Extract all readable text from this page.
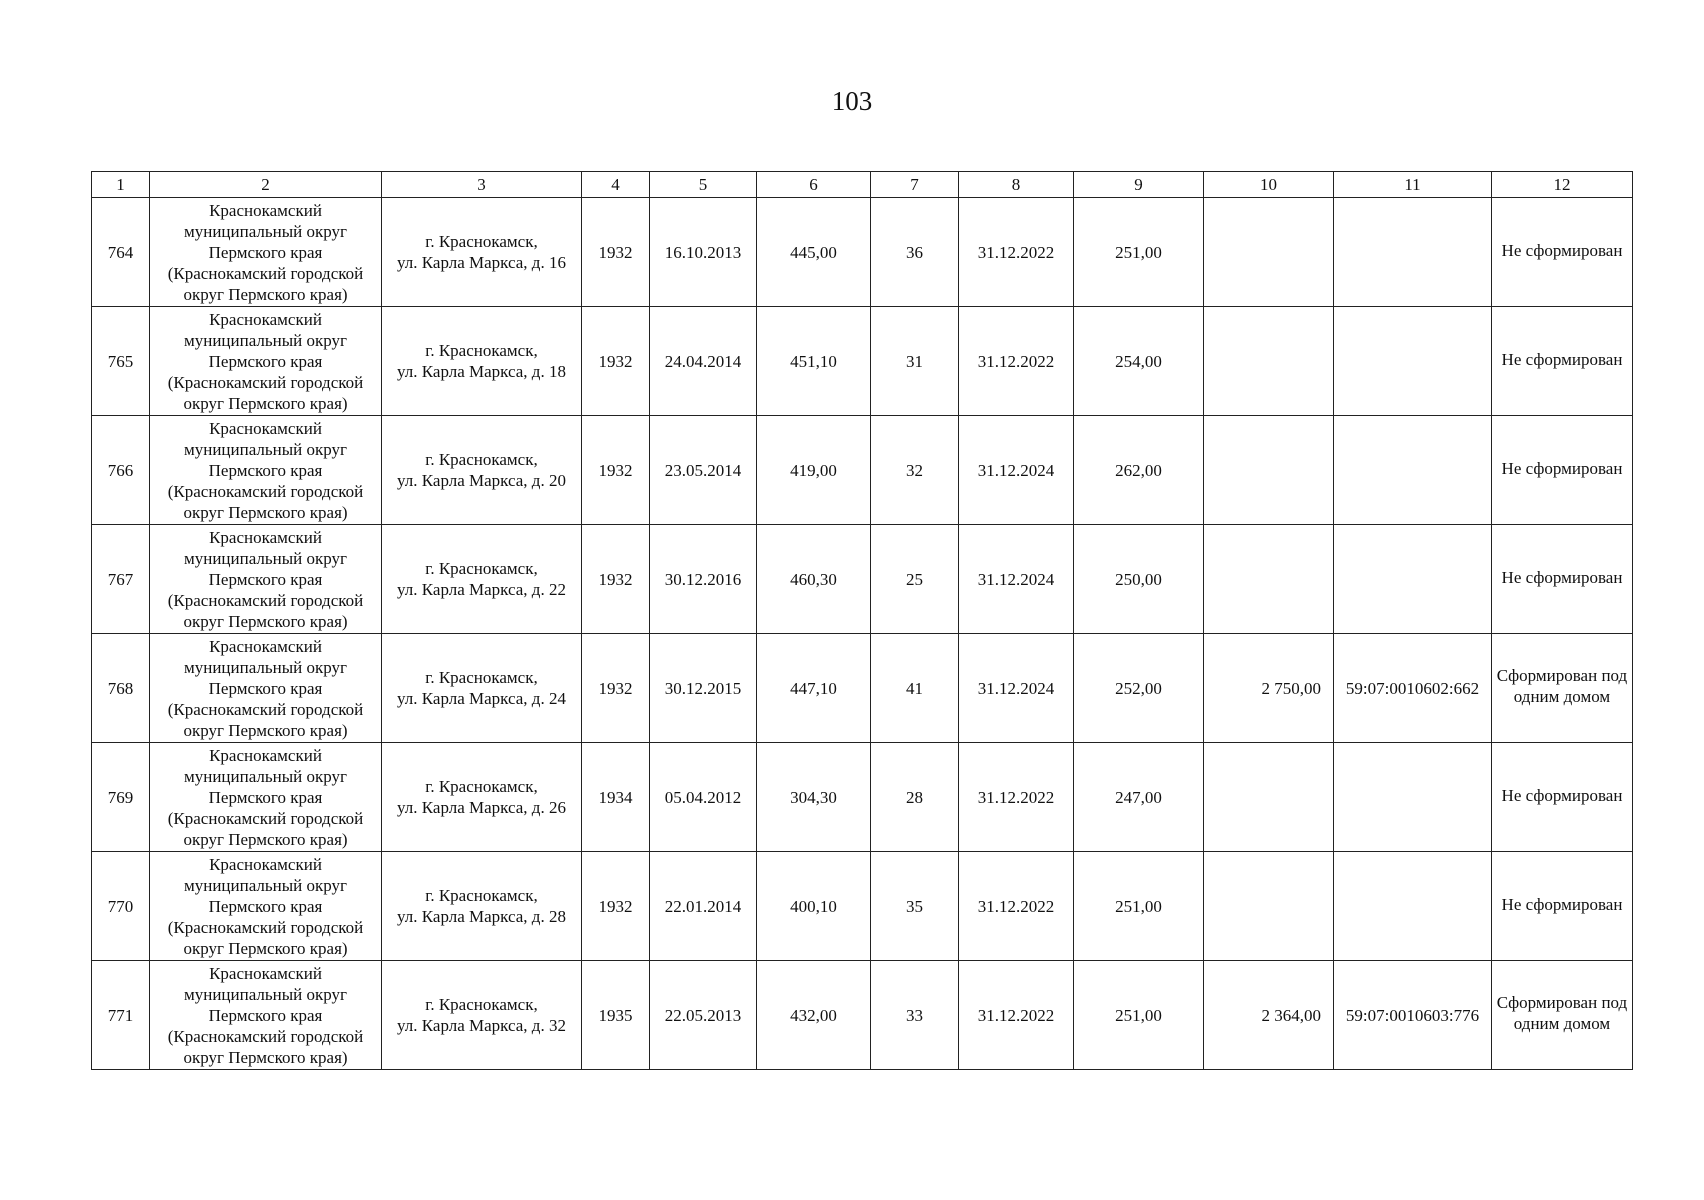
103
1	2	3	4	5	6	7	8	9	10	11	12
764	Краснокамский муниципальный округ Пермского края (Краснокамский городской округ Пермского края)	г. Краснокамск,
ул. Карла Маркса, д. 16	1932	16.10.2013	445,00	36	31.12.2022	251,00			Не сформирован

765	Краснокамский муниципальный округ Пермского края (Краснокамский городской округ Пермского края)	г. Краснокамск,
ул. Карла Маркса, д. 18	1932	24.04.2014	451,10	31	31.12.2022	254,00			Не сформирован

766	Краснокамский муниципальный округ Пермского края (Краснокамский городской округ Пермского края)	г. Краснокамск,
ул. Карла Маркса, д. 20	1932	23.05.2014	419,00	32	31.12.2024	262,00			Не сформирован

767	Краснокамский муниципальный округ Пермского края (Краснокамский городской округ Пермского края)	г. Краснокамск,
ул. Карла Маркса, д. 22	1932	30.12.2016	460,30	25	31.12.2024	250,00			Не сформирован

768	Краснокамский муниципальный округ Пермского края (Краснокамский городской округ Пермского края)	г. Краснокамск,
ул. Карла Маркса, д. 24	1932	30.12.2015	447,10	41	31.12.2024	252,00	2 750,00	59:07:0010602:662	Сформирован под одним домом

769	Краснокамский муниципальный округ Пермского края (Краснокамский городской округ Пермского края)	г. Краснокамск,
ул. Карла Маркса, д. 26	1934	05.04.2012	304,30	28	31.12.2022	247,00			Не сформирован

770	Краснокамский муниципальный округ Пермского края (Краснокамский городской округ Пермского края)	г. Краснокамск,
ул. Карла Маркса, д. 28	1932	22.01.2014	400,10	35	31.12.2022	251,00			Не сформирован

771	Краснокамский муниципальный округ Пермского края (Краснокамский городской округ Пермского края)	г. Краснокамск,
ул. Карла Маркса, д. 32	1935	22.05.2013	432,00	33	31.12.2022	251,00	2 364,00	59:07:0010603:776	Сформирован под одним домом
